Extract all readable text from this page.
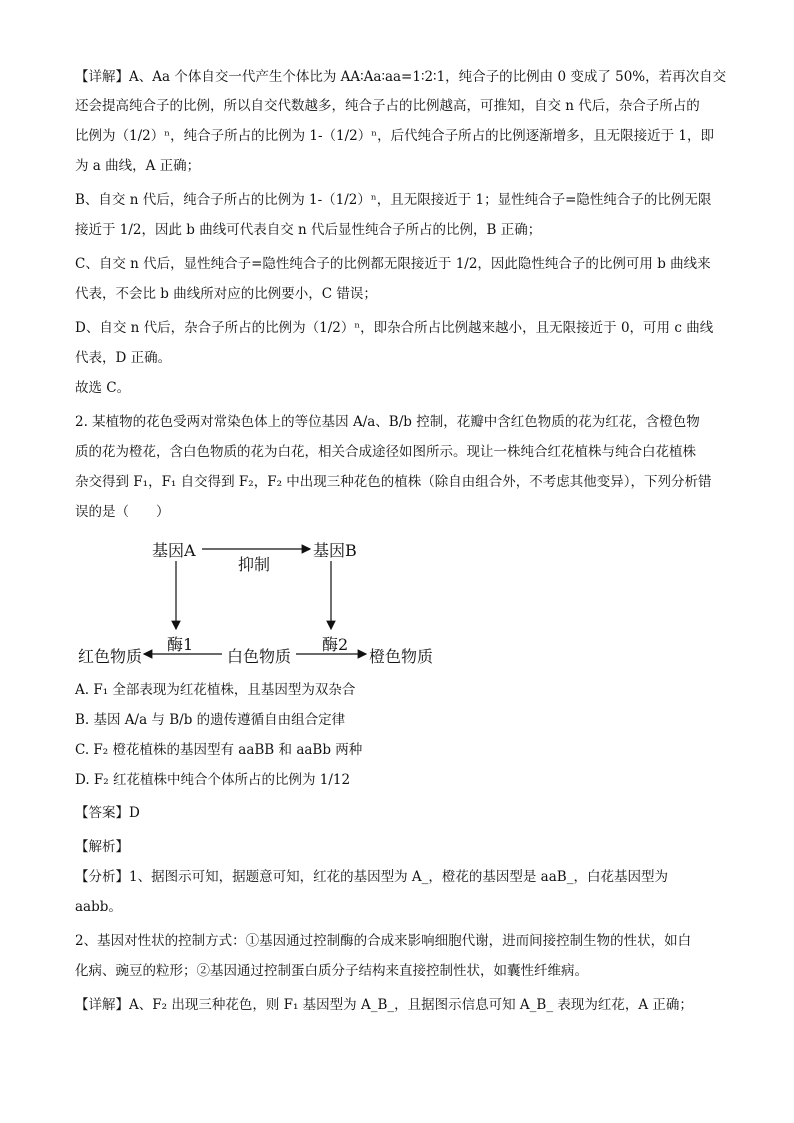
【详解】A、Aa 个体自交一代产生个体比为 AA∶Aa∶aa=1∶2∶1，纯合子的比例由 0 变成了 50%，若再次自交
还会提高纯合子的比例，所以自交代数越多，纯合子占的比例越高，可推知，自交 n 代后，杂合子所占的
比例为（1/2）ⁿ，纯合子所占的比例为 1-（1/2）ⁿ，后代纯合子所占的比例逐渐增多，且无限接近于 1，即
为 a 曲线，A 正确；
B、自交 n 代后，纯合子所占的比例为 1-（1/2）ⁿ，且无限接近于 1；显性纯合子=隐性纯合子的比例无限
接近于 1/2，因此 b 曲线可代表自交 n 代后显性纯合子所占的比例，B 正确；
C、自交 n 代后，显性纯合子=隐性纯合子的比例都无限接近于 1/2，因此隐性纯合子的比例可用 b 曲线来
代表，不会比 b 曲线所对应的比例要小，C 错误；
D、自交 n 代后，杂合子所占的比例为（1/2）ⁿ，即杂合所占比例越来越小，且无限接近于 0，可用 c 曲线
代表，D 正确。
故选 C。
2. 某植物的花色受两对常染色体上的等位基因 A/a、B/b 控制，花瓣中含红色物质的花为红花，含橙色物
质的花为橙花，含白色物质的花为白花，相关合成途径如图所示。现让一株纯合红花植株与纯合白花植株
杂交得到 F₁，F₁ 自交得到 F₂，F₂ 中出现三种花色的植株（除自由组合外，不考虑其他变异），下列分析错
误的是（　　）
A. F₁ 全部表现为红花植株，且基因型为双杂合
B. 基因 A/a 与 B/b 的遗传遵循自由组合定律
C. F₂ 橙花植株的基因型有 aaBB 和 aaBb 两种
D. F₂ 红花植株中纯合个体所占的比例为 1/12
【答案】D
【解析】
【分析】1、据图示可知，据题意可知，红花的基因型为 A_，橙花的基因型是 aaB_，白花基因型为
aabb。
2、基因对性状的控制方式：①基因通过控制酶的合成来影响细胞代谢，进而间接控制生物的性状，如白
化病、豌豆的粒形；②基因通过控制蛋白质分子结构来直接控制性状，如囊性纤维病。
【详解】A、F₂ 出现三种花色，则 F₁ 基因型为 A_B_，且据图示信息可知 A_B_ 表现为红花，A 正确；
基因A	基因B
抑制
酶1	酶2
红色物质	白色物质	橙色物质
